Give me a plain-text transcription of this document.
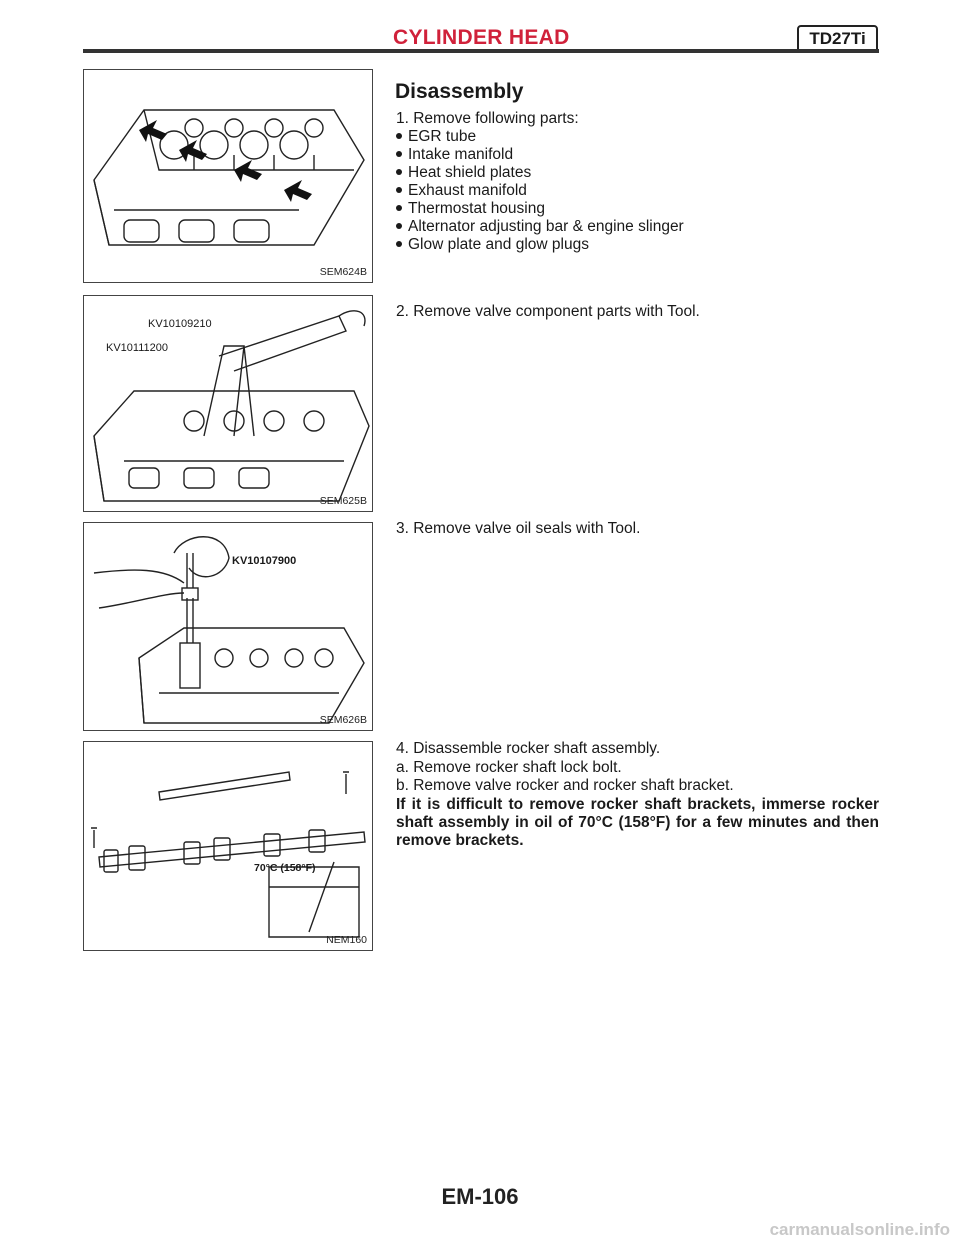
CYLINDER HEAD	TD27Ti
SEM624B
KV10109210
KV10111200
SEM625B
KV10107900
SEM626B
70°C (158°F)
NEM160
Disassembly
1. Remove following parts:
EGR tube
Intake manifold
Heat shield plates
Exhaust manifold
Thermostat housing
Alternator adjusting bar & engine slinger
Glow plate and glow plugs
2. Remove valve component parts with Tool.
3. Remove valve oil seals with Tool.
4. Disassemble rocker shaft assembly.
a. Remove rocker shaft lock bolt.
b. Remove valve rocker and rocker shaft bracket.
If it is difficult to remove rocker shaft brackets, immerse rocker shaft assembly in oil of 70°C (158°F) for a few minutes and then remove brackets.
EM-106
carmanualsonline.info
